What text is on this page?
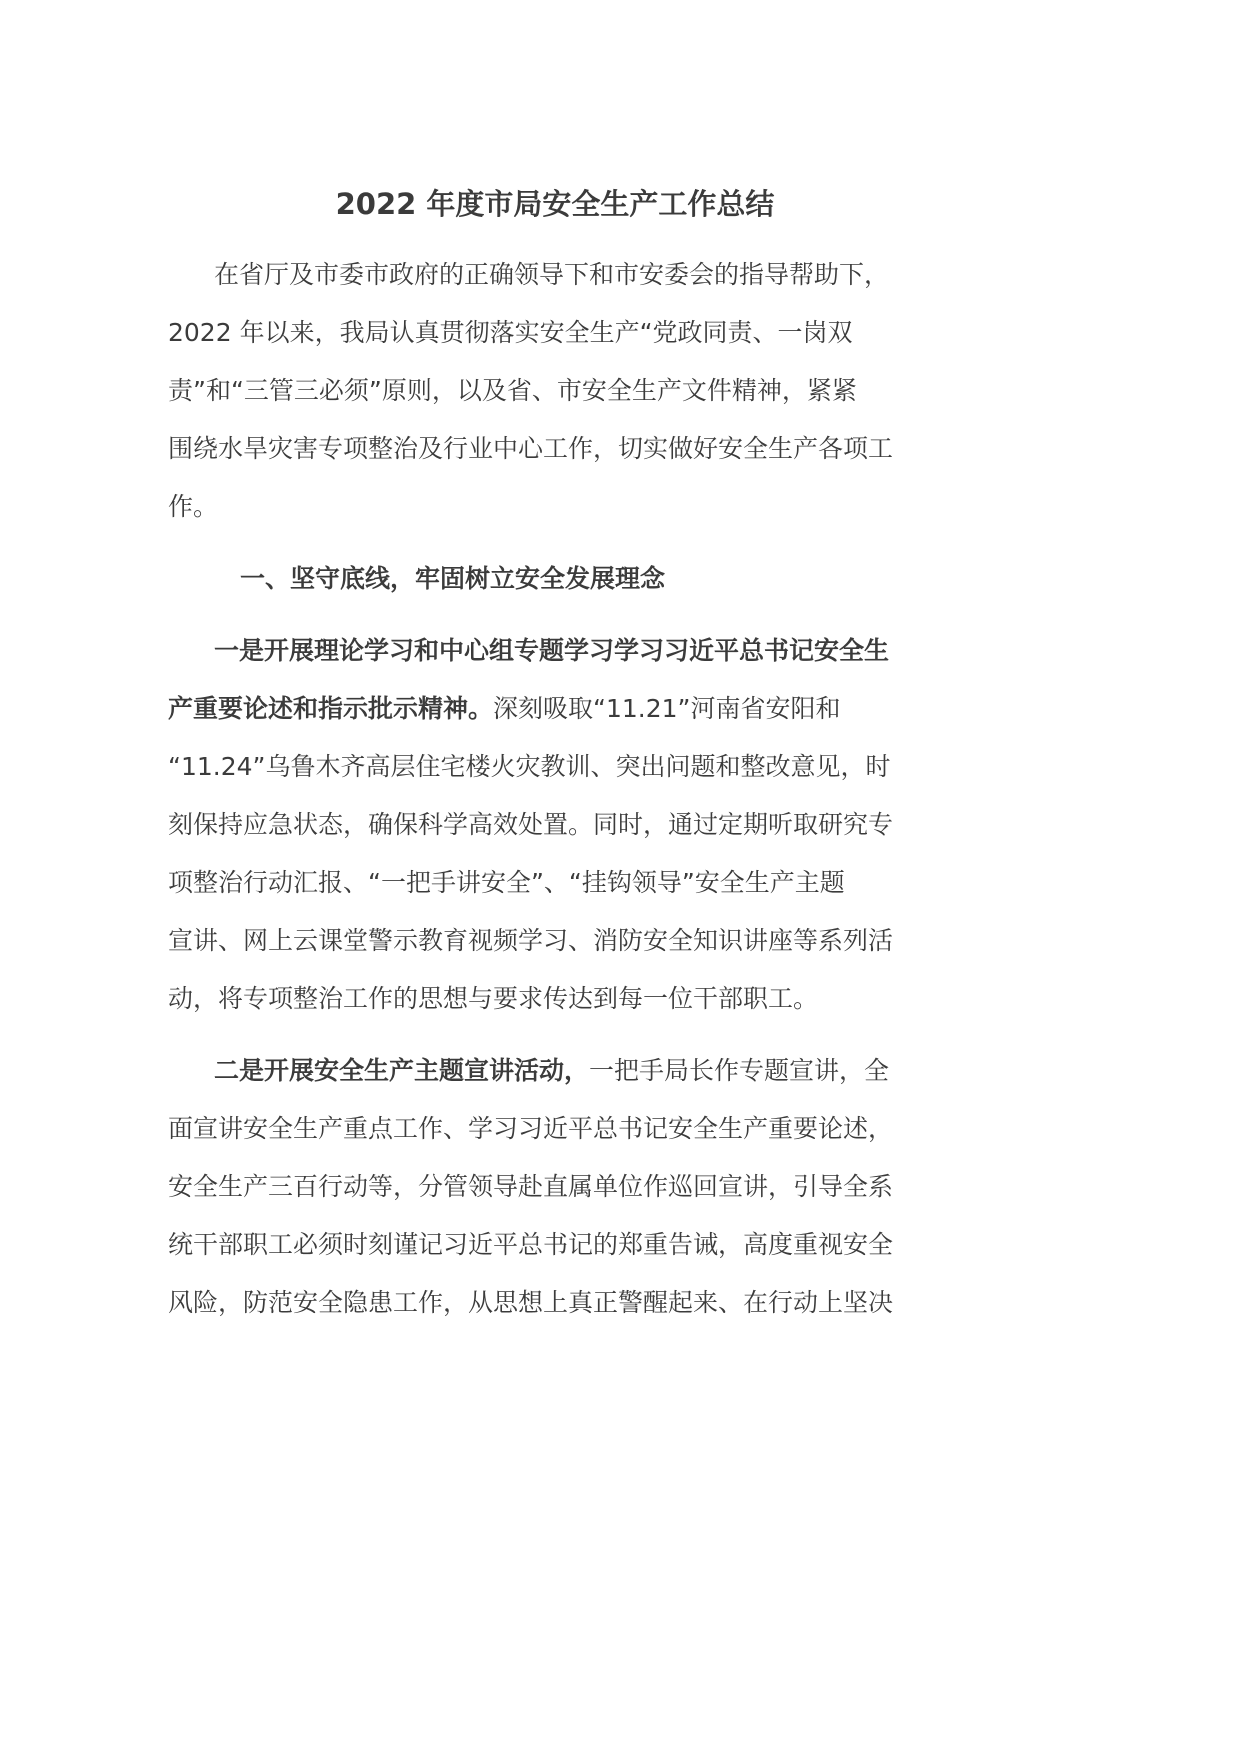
2022 年度市局安全生产工作总结
在省厅及市委市政府的正确领导下和市安委会的指导帮助下，
2022 年以来，我局认真贯彻落实安全生产“党政同责、一岗双
责”和“三管三必须”原则，以及省、市安全生产文件精神，紧紧
围绕水旱灾害专项整治及行业中心工作，切实做好安全生产各项工
作。
一、坚守底线，牢固树立安全发展理念
一是开展理论学习和中心组专题学习学习习近平总书记安全生
产重要论述和指示批示精神。深刻吸取“11.21”河南省安阳和
“11.24”乌鲁木齐高层住宅楼火灾教训、突出问题和整改意见，时
刻保持应急状态，确保科学高效处置。同时，通过定期听取研究专
项整治行动汇报、“一把手讲安全”、“挂钩领导”安全生产主题
宣讲、网上云课堂警示教育视频学习、消防安全知识讲座等系列活
动，将专项整治工作的思想与要求传达到每一位干部职工。
二是开展安全生产主题宣讲活动，一把手局长作专题宣讲，全
面宣讲安全生产重点工作、学习习近平总书记安全生产重要论述，
安全生产三百行动等，分管领导赴直属单位作巡回宣讲，引导全系
统干部职工必须时刻谨记习近平总书记的郑重告诫，高度重视安全
风险，防范安全隐患工作，从思想上真正警醒起来、在行动上坚决
